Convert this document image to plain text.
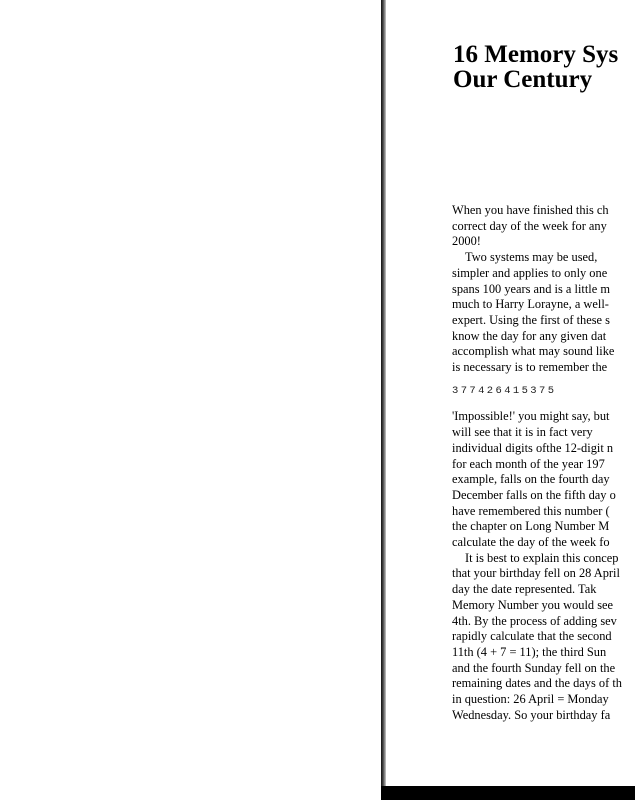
16 Memory Sys
Our Century
When you have finished this ch
correct day of the week for any
2000!
Two systems may be used,
simpler and applies to only one
spans 100 years and is a little m
much to Harry Lorayne, a well-
expert. Using the first of these s
know the day for any given dat
accomplish what may sound like
is necessary is to remember the
377426415375
'Impossible!' you might say, but
will see that it is in fact very
individual digits ofthe 12-digit n
for each month of the year 197
example, falls on the fourth day
December falls on the fifth day o
have remembered this number (
the chapter on Long Number M
calculate the day of the week fo
It is best to explain this concep
that your birthday fell on 28 April
day the date represented. Tak
Memory Number you would see
4th. By the process of adding sev
rapidly calculate that the second
11th (4 + 7 = 11); the third Sun
and the fourth Sunday fell on the
remaining dates and the days of th
in question: 26 April = Monday
Wednesday. So your birthday fa
